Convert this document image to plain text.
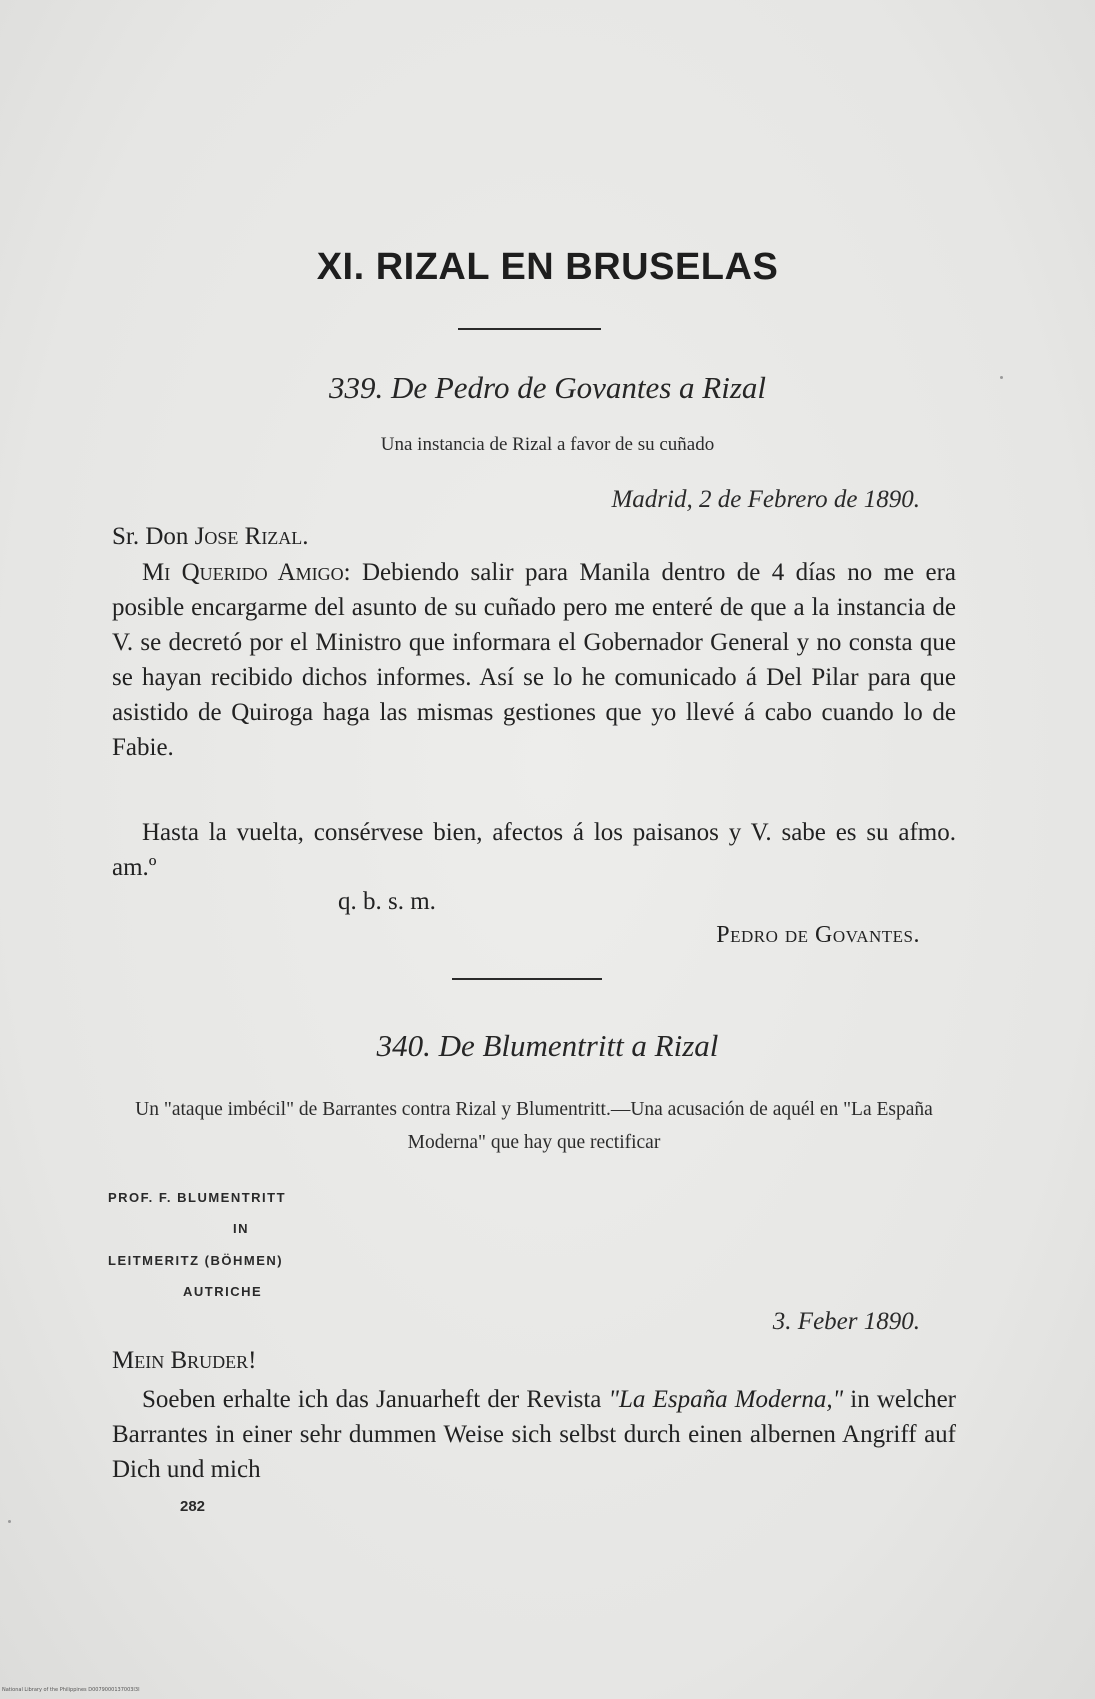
XI. RIZAL EN BRUSELAS
339. De Pedro de Govantes a Rizal
Una instancia de Rizal a favor de su cuñado
Madrid, 2 de Febrero de 1890.
Sr. Don Jose Rizal.

Mi Querido Amigo: Debiendo salir para Manila dentro de 4 días no me era posible encargarme del asunto de su cuñado pero me enteré de que a la instancia de V. se decretó por el Ministro que informara el Gobernador General y no consta que se hayan recibido dichos informes. Así se lo he comunicado á Del Pilar para que asistido de Quiroga haga las mismas gestiones que yo llevé á cabo cuando lo de Fabie.

Hasta la vuelta, consérvese bien, afectos á los paisanos y V. sabe es su afmo. am.º

q. b. s. m.
Pedro de Govantes.
340. De Blumentritt a Rizal
Un "ataque imbécil" de Barrantes contra Rizal y Blumentritt.—Una acusación de aquél en "La España Moderna" que hay que rectificar
PROF. F. BLUMENTRITT
IN
LEITMERITZ (BÖHMEN)
AUTRICHE
3. Feber 1890.
Mein Bruder!

Soeben erhalte ich das Januarheft der Revista "La España Moderna," in welcher Barrantes in einer sehr dummen Weise sich selbst durch einen albernen Angriff auf Dich und mich

282
National Library of the Philippines D0079000137003I3I
